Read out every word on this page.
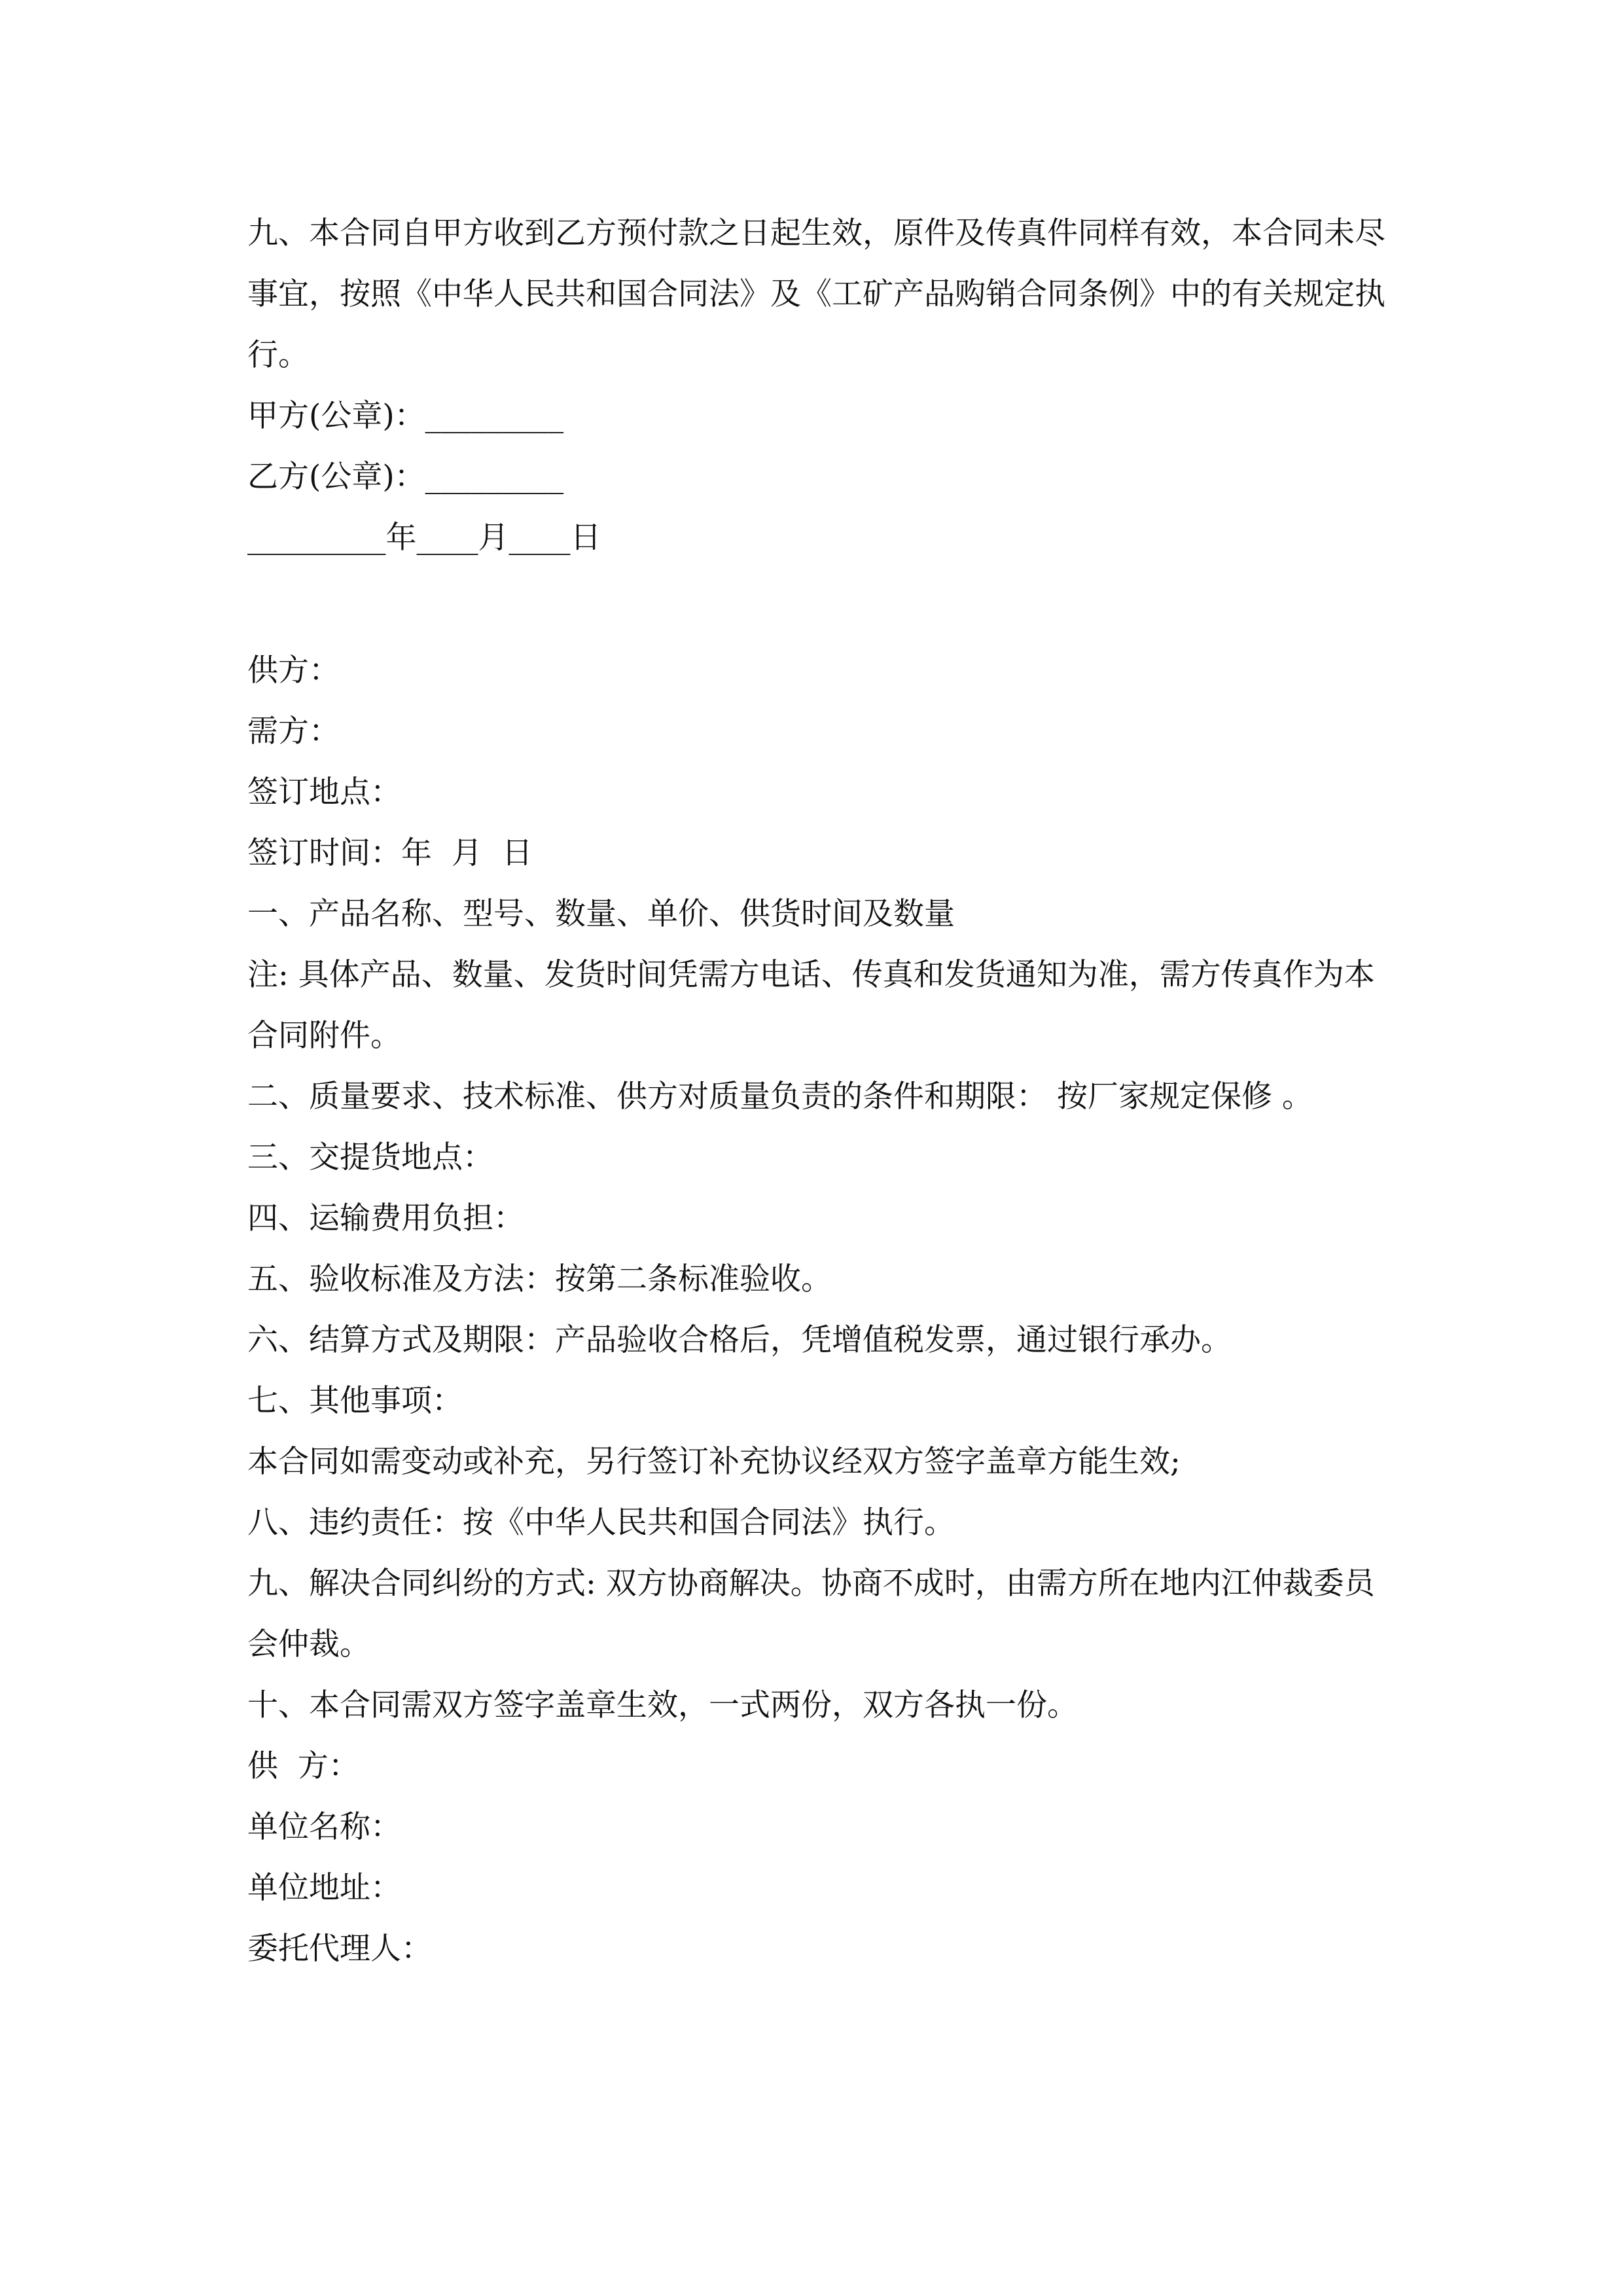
九、本合同自甲方收到乙方预付款之日起生效，原件及传真件同样有效，本合同未尽事宜，按照《中华人民共和国合同法》及《工矿产品购销合同条例》中的有关规定执行。

甲方(公章)：_________

乙方(公章)：_________

_________年____月____日

供方：

需方：

签订地点：

签订时间：年  月  日

一、产品名称、型号、数量、单价、供货时间及数量

注: 具体产品、数量、发货时间凭需方电话、传真和发货通知为准，需方传真作为本合同附件。

二、质量要求、技术标准、供方对质量负责的条件和期限： 按厂家规定保修 。

三、交提货地点：

四、运输费用负担：

五、验收标准及方法：按第二条标准验收。

六、结算方式及期限：产品验收合格后，凭增值税发票，通过银行承办。

七、其他事项：

本合同如需变动或补充，另行签订补充协议经双方签字盖章方能生效;

八、违约责任：按《中华人民共和国合同法》执行。

九、解决合同纠纷的方式: 双方协商解决。协商不成时，由需方所在地内江仲裁委员会仲裁。

十、本合同需双方签字盖章生效，一式两份，双方各执一份。

供  方：

单位名称：

单位地址：

委托代理人：
